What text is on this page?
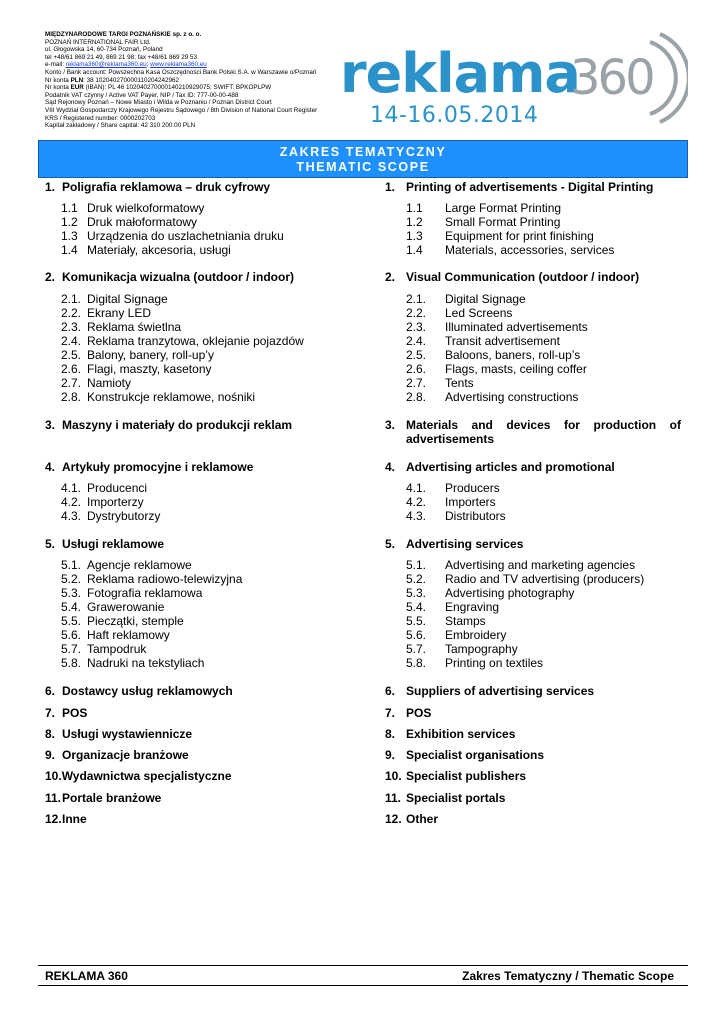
MIĘDZYNARODOWE TARGI POZNAŃSKIE sp. z o. o.
POZNAŃ INTERNATIONAL FAIR Ltd.
ul. Głogowska 14, 60-734 Poznań, Poland
tel +48/61 869 21 49, 869 21 98; fax +48/61 869 29 53
e-mail: reklama360@reklama360.eu; www.reklama360.eu
Konto / Bank account: Powszechna Kasa Oszczędności Bank Polski S.A. w Warszawie o/Poznań
Nr konta PLN: 38 102040270000110204242962
Nr konta EUR (IBAN): PL 46 102040270000140210929075; SWIFT: BPKOPLPW
Podatnik VAT czynny / Active VAT Payer, NIP / Tax ID: 777-00-00-488
Sąd Rejonowy Poznań – Nowe Miasto i Wilda w Poznaniu / Poznan District Court
VIII Wydział Gospodarczy Krajowego Rejestru Sądowego / 8th Division of National Court Register
KRS / Registered number: 0000202703
Kapitał zakładowy / Share capital: 42 310 200.00 PLN
reklama
360
14-16.05.2014
ZAKRES TEMATYCZNY
THEMATIC SCOPE
1. Poligrafia reklamowa – druk cyfrowy
1.1 Druk wielkoformatowy
1.2 Druk małoformatowy
1.3 Urządzenia do uszlachetniania druku
1.4 Materiały, akcesoria, usługi
2. Komunikacja wizualna (outdoor / indoor)
2.1. Digital Signage
2.2. Ekrany LED
2.3. Reklama świetlna
2.4. Reklama tranzytowa, oklejanie pojazdów
2.5. Balony, banery, roll-up’y
2.6. Flagi, maszty, kasetony
2.7. Namioty
2.8. Konstrukcje reklamowe, nośniki
3. Maszyny i materiały do produkcji reklam
4. Artykuły promocyjne i reklamowe
4.1. Producenci
4.2. Importerzy
4.3. Dystrybutorzy
5. Usługi reklamowe
5.1. Agencje reklamowe
5.2. Reklama radiowo-telewizyjna
5.3. Fotografia reklamowa
5.4. Grawerowanie
5.5. Pieczątki, stemple
5.6. Haft reklamowy
5.7. Tampodruk
5.8. Nadruki na tekstyliach
6. Dostawcy usług reklamowych
7. POS
8. Usługi wystawiennicze
9. Organizacje branżowe
10.Wydawnictwa specjalistyczne
11.Portale branżowe
12.Inne
1. Printing of advertisements - Digital Printing
1.1 Large Format Printing
1.2 Small Format Printing
1.3 Equipment for print finishing
1.4 Materials, accessories, services
2. Visual Communication (outdoor / indoor)
2.1. Digital Signage
2.2. Led Screens
2.3. Illuminated advertisements
2.4. Transit advertisement
2.5. Baloons, baners, roll-up’s
2.6. Flags, masts, ceiling coffer
2.7. Tents
2.8. Advertising constructions
3. Materials and devices for production of
advertisements
4. Advertising articles and promotional
4.1. Producers
4.2. Importers
4.3. Distributors
5. Advertising services
5.1. Advertising and marketing agencies
5.2. Radio and TV advertising (producers)
5.3. Advertising photography
5.4. Engraving
5.5. Stamps
5.6. Embroidery
5.7. Tampography
5.8. Printing on textiles
6. Suppliers of advertising services
7. POS
8. Exhibition services
9. Specialist organisations
10. Specialist publishers
11. Specialist portals
12. Other
REKLAMA 360	Zakres Tematyczny / Thematic Scope
